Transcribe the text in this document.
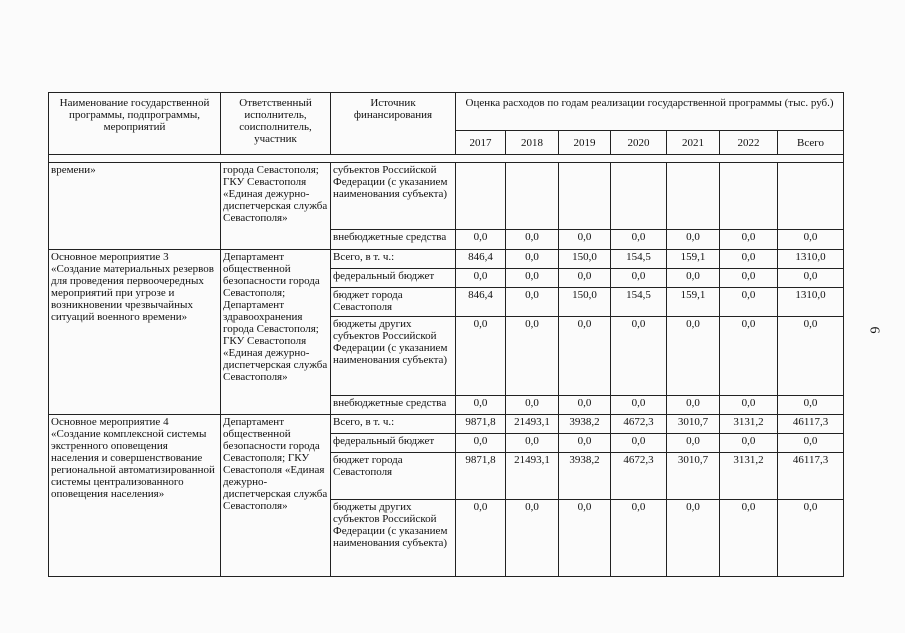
Наименование государственной программы, подпрограммы, мероприятий	Ответственный исполнитель, соисполнитель, участник	Источник финансирования	Оценка расходов по годам реализации государственной программы (тыс. руб.)						
			2017	2018	2019	2020	2021	2022	Всего

времени»	города Севастополя; ГКУ Севастополя «Единая дежурно-диспетчерская служба Севастополя»	субъектов Российской Федерации (с указанием наименования субъекта)							
		внебюджетные средства	0,0	0,0	0,0	0,0	0,0	0,0	0,0
Основное мероприятие 3 «Создание материальных резервов для проведения первоочередных мероприятий при угрозе и возникновении чрезвычайных ситуаций военного времени»	Департамент общественной безопасности города Севастополя; Департамент здравоохранения города Севастополя; ГКУ Севастополя «Единая дежурно-диспетчерская служба Севастополя»	Всего, в т. ч.:	846,4	0,0	150,0	154,5	159,1	0,0	1310,0
		федеральный бюджет	0,0	0,0	0,0	0,0	0,0	0,0	0,0
		бюджет города Севастополя	846,4	0,0	150,0	154,5	159,1	0,0	1310,0
		бюджеты других субъектов Российской Федерации (с указанием наименования субъекта)	0,0	0,0	0,0	0,0	0,0	0,0	0,0
		внебюджетные средства	0,0	0,0	0,0	0,0	0,0	0,0	0,0
Основное мероприятие 4 «Создание комплексной системы экстренного оповещения населения и совершенствование региональной автоматизированной системы централизованного оповещения населения»	Департамент общественной безопасности города Севастополя; ГКУ Севастополя «Единая дежурно-диспетчерская служба Севастополя»	Всего, в т. ч.:	9871,8	21493,1	3938,2	4672,3	3010,7	3131,2	46117,3
		федеральный бюджет	0,0	0,0	0,0	0,0	0,0	0,0	0,0
		бюджет города Севастополя	9871,8	21493,1	3938,2	4672,3	3010,7	3131,2	46117,3
		бюджеты других субъектов Российской Федерации (с указанием наименования субъекта)	0,0	0,0	0,0	0,0	0,0	0,0	0,0
6
